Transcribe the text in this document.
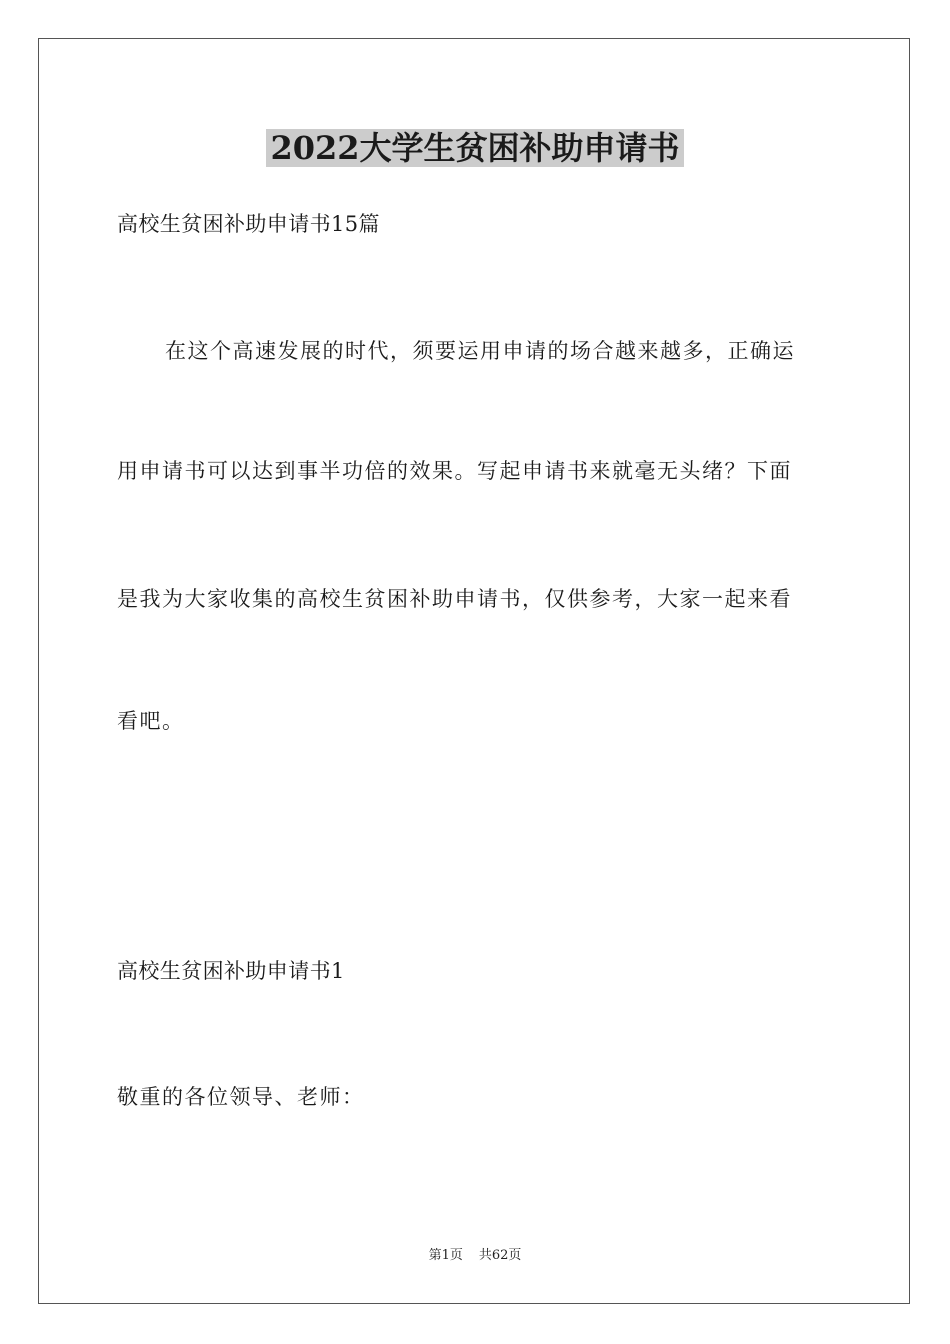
2022大学生贫困补助申请书
高校生贫困补助申请书15篇
在这个高速发展的时代，须要运用申请的场合越来越多，正确运
用申请书可以达到事半功倍的效果。写起申请书来就毫无头绪？下面
是我为大家收集的高校生贫困补助申请书，仅供参考，大家一起来看
看吧。
高校生贫困补助申请书1
敬重的各位领导、老师：
第1页 共62页
